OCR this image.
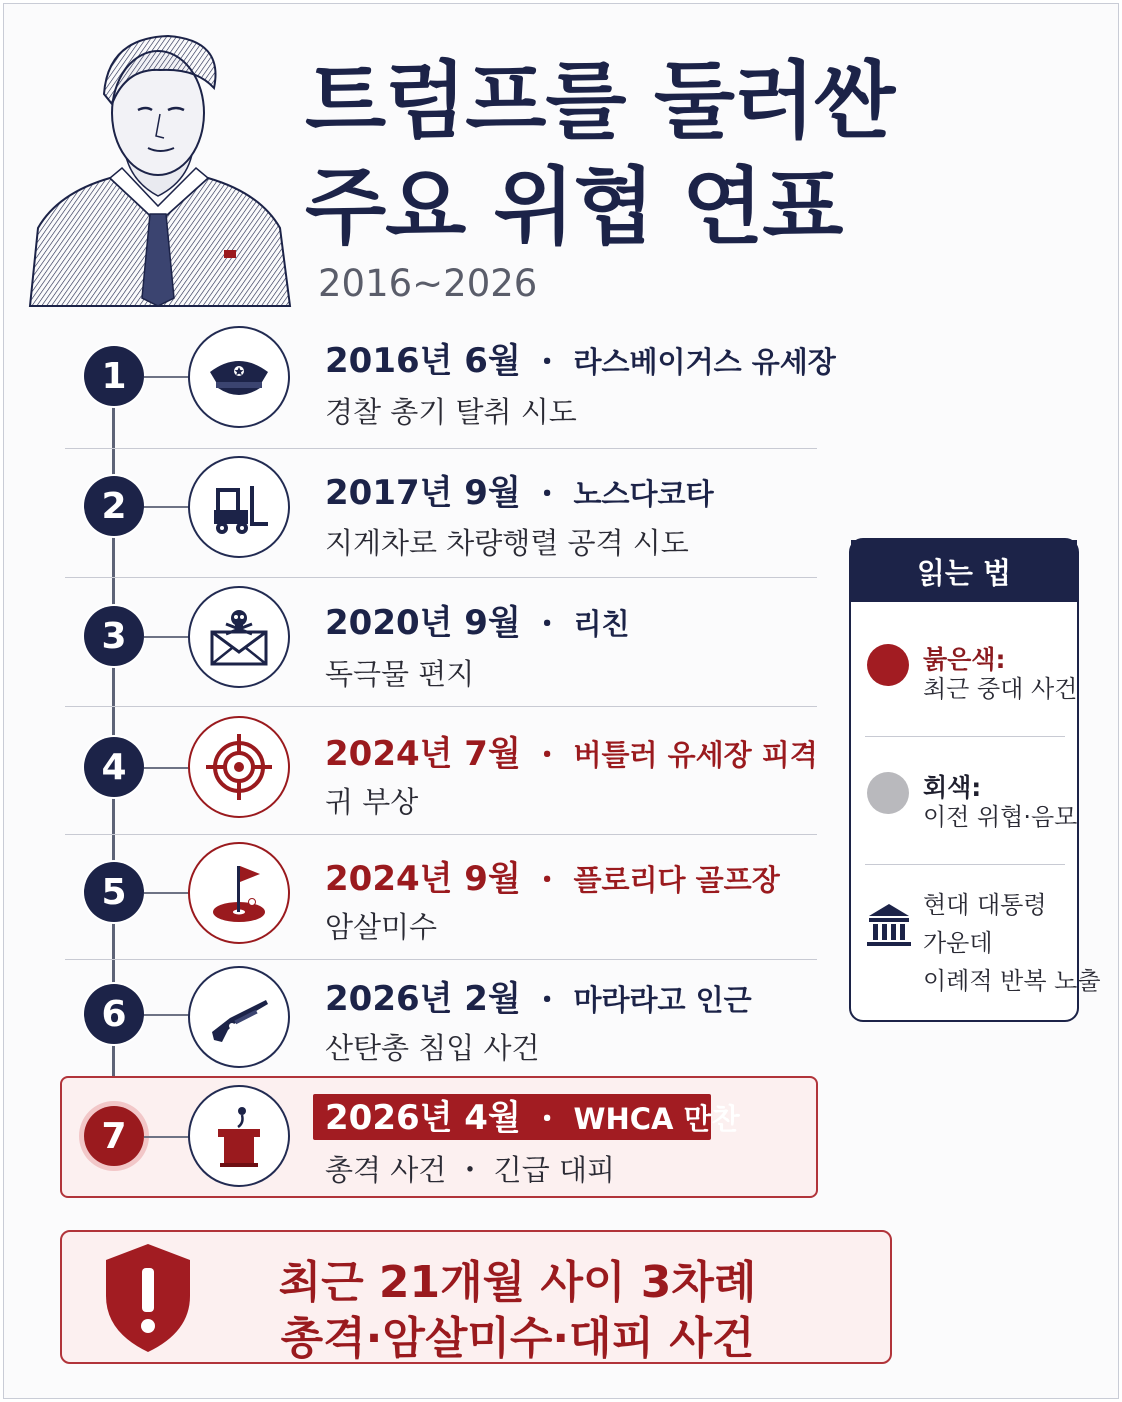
트럼프를 둘러싼
주요 위협 연표
2016~2026
1	2016년 6월 ・ 라스베이거스 유세장
경찰 총기 탈취 시도
2	2017년 9월 ・ 노스다코타
지게차로 차량행렬 공격 시도
3	2020년 9월 ・ 리친
독극물 편지
4	2024년 7월 ・ 버틀러 유세장 피격
귀 부상
5	2024년 9월 ・ 플로리다 골프장
암살미수
6	2026년 2월 ・ 마라라고 인근
산탄총 침입 사건
7	2026년 4월 ・ WHCA 만찬
총격 사건 ・ 긴급 대피
읽는 법
붉은색:
최근 중대 사건
회색:
이전 위협·음모
현대 대통령
가운데
이례적 반복 노출
최근 21개월 사이 3차례
총격·암살미수·대피 사건
